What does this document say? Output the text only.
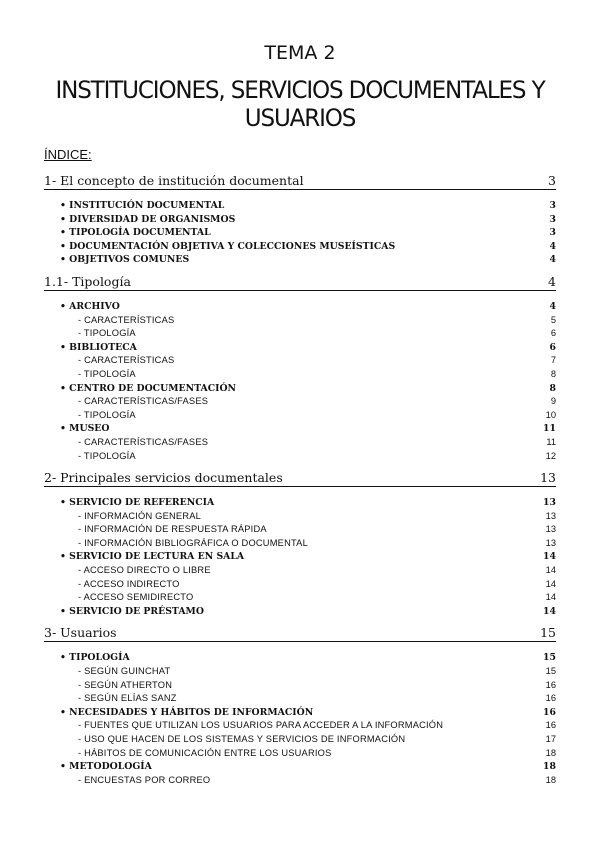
TEMA 2
INSTITUCIONES, SERVICIOS DOCUMENTALES Y
USUARIOS
ÍNDICE:
1- El concepto de institución documental	3
• INSTITUCIÓN DOCUMENTAL	3
• DIVERSIDAD DE ORGANISMOS	3
• TIPOLOGÍA DOCUMENTAL	3
• DOCUMENTACIÓN OBJETIVA Y COLECCIONES MUSEÍSTICAS	4
• OBJETIVOS COMUNES	4
1.1- Tipología	4
• ARCHIVO	4
- CARACTERÍSTICAS	5
- TIPOLOGÍA	6
• BIBLIOTECA	6
- CARACTERÍSTICAS	7
- TIPOLOGÍA	8
• CENTRO DE DOCUMENTACIÓN	8
- CARACTERÍSTICAS/FASES	9
- TIPOLOGÍA	10
• MUSEO	11
- CARACTERÍSTICAS/FASES	11
- TIPOLOGÍA	12
2- Principales servicios documentales	13
• SERVICIO DE REFERENCIA	13
- INFORMACIÓN GENERAL	13
- INFORMACIÓN DE RESPUESTA RÁPIDA	13
- INFORMACIÓN BIBLIOGRÁFICA O DOCUMENTAL	13
• SERVICIO DE LECTURA EN SALA	14
- ACCESO DIRECTO O LIBRE	14
- ACCESO INDIRECTO	14
- ACCESO SEMIDIRECTO	14
• SERVICIO DE PRÉSTAMO	14
3- Usuarios	15
• TIPOLOGÍA	15
- SEGÚN GUINCHAT	15
- SEGÚN ATHERTON	16
- SEGÚN ELÍAS SANZ	16
• NECESIDADES Y HÁBITOS DE INFORMACIÓN	16
- FUENTES QUE UTILIZAN LOS USUARIOS PARA ACCEDER A LA INFORMACIÓN	16
- USO QUE HACEN DE LOS SISTEMAS Y SERVICIOS DE INFORMACIÓN	17
- HÁBITOS DE COMUNICACIÓN ENTRE LOS USUARIOS	18
• METODOLOGÍA	18
- ENCUESTAS POR CORREO	18
